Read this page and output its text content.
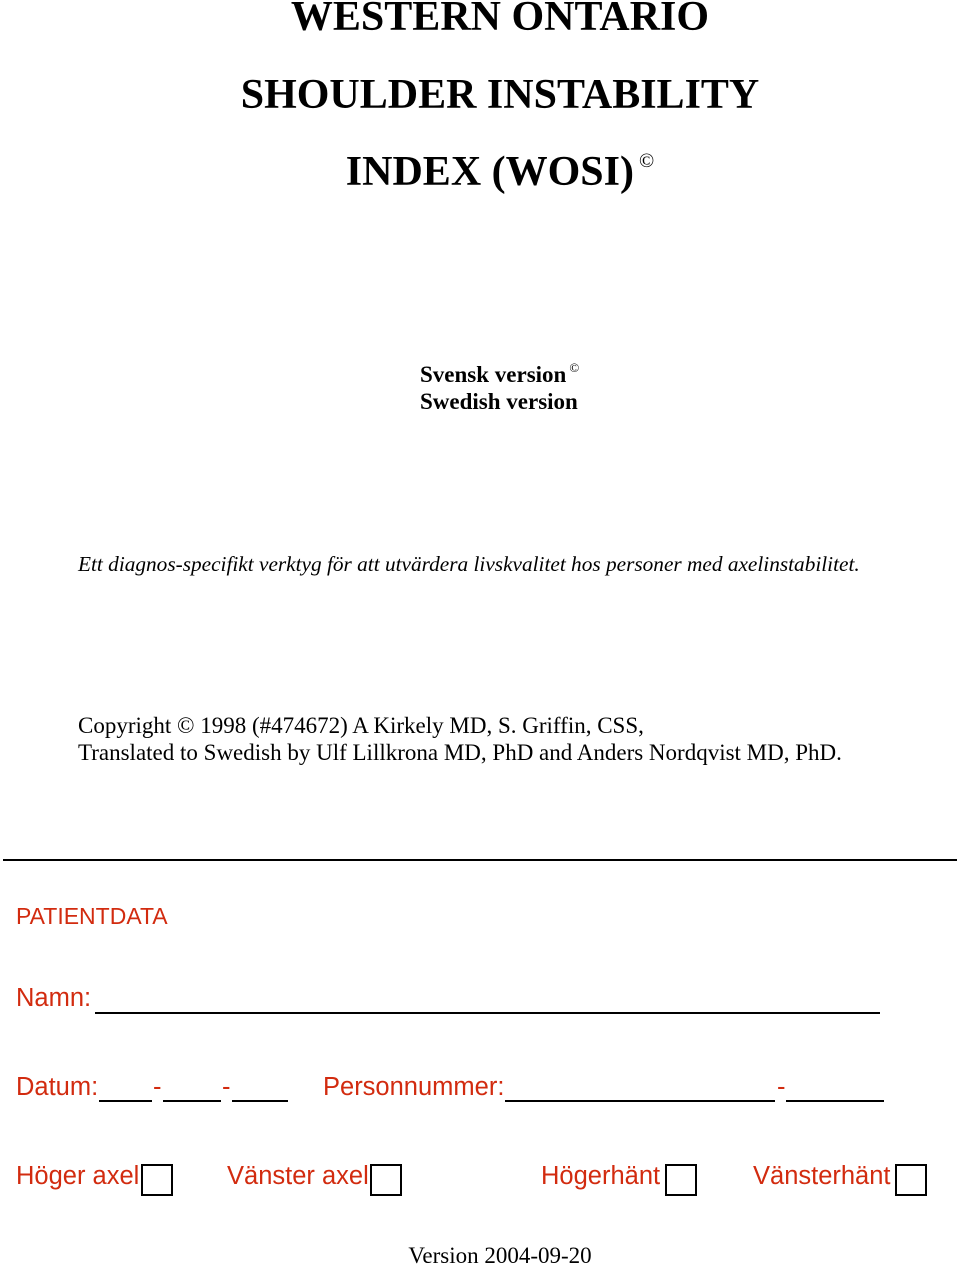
WESTERN ONTARIO
SHOULDER INSTABILITY
INDEX (WOSI) ©
Svensk version ©
Swedish version
Ett diagnos-specifikt verktyg för att utvärdera livskvalitet hos personer med axelinstabilitet.
Copyright © 1998 (#474672) A Kirkely MD, S. Griffin, CSS,
Translated to Swedish by Ulf Lillkrona MD, PhD and Anders Nordqvist MD, PhD.
PATIENTDATA
Namn:
Datum: - -	Personnummer:	-
Höger axel	Vänster axel	Högerhänt	Vänsterhänt
Version 2004-09-20
